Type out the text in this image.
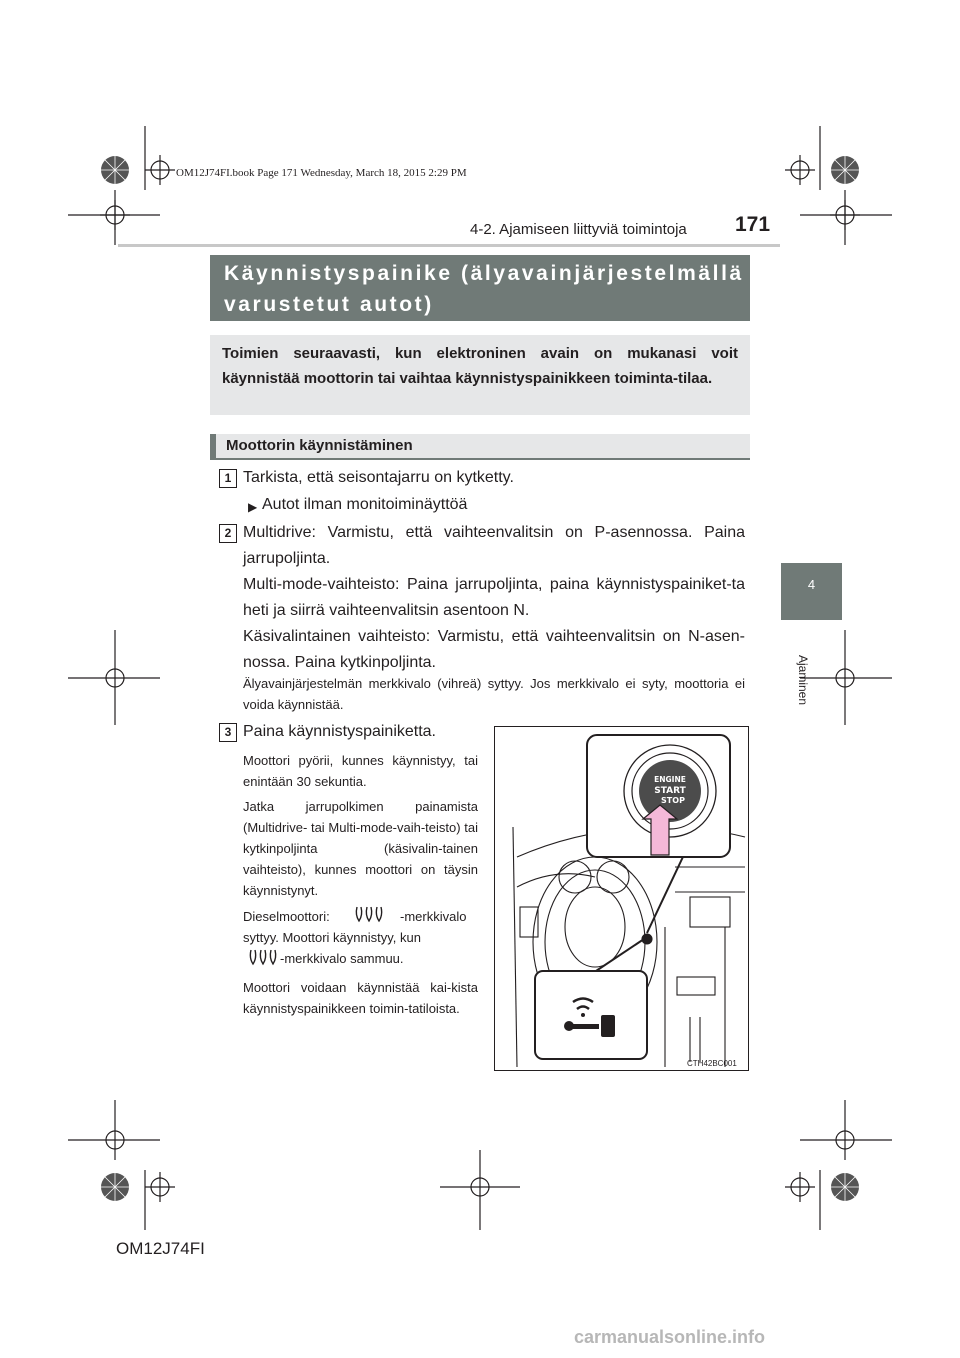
OM12J74FI.book Page 171 Wednesday, March 18, 2015 2:29 PM
4-2. Ajamiseen liittyviä toimintoja 171
4
Ajaminen
Käynnistyspainike (älyavainjärjestelmällä varustetut autot)
Toimien seuraavasti, kun elektroninen avain on mukanasi voit käynnistää moottorin tai vaihtaa käynnistyspainikkeen toiminta-tilaa.
Moottorin käynnistäminen
1 Tarkista, että seisontajarru on kytketty.
▶ Autot ilman monitoiminäyttöä
2 Multidrive: Varmistu, että vaihteenvalitsin on P-asennossa. Paina jarrupoljinta.
Multi-mode-vaihteisto: Paina jarrupoljinta, paina käynnistyspainiket-ta heti ja siirrä vaihteenvalitsin asentoon N.
Käsivalintainen vaihteisto: Varmistu, että vaihteenvalitsin on N-asen-nossa. Paina kytkinpoljinta.
Älyavainjärjestelmän merkkivalo (vihreä) syttyy. Jos merkkivalo ei syty, moottoria ei voida käynnistää.
3 Paina käynnistyspainiketta.
Moottori pyörii, kunnes käynnistyy, tai enintään 30 sekuntia.
Jatka jarrupolkimen painamista (Multidrive- tai Multi-mode-vaih-teisto) tai kytkinpoljinta (käsivalin-tainen vaihteisto), kunnes moottori on täysin käynnistynyt.
Dieselmoottori:	-merkkivalo
syttyy. Moottori käynnistyy, kun
-merkkivalo sammuu.
Moottori voidaan käynnistää kai-kista käynnistyspainikkeen toimin-tatiloista.
ENGINE
START
STOP
CTH42BC001
OM12J74FI
carmanualsonline.info
